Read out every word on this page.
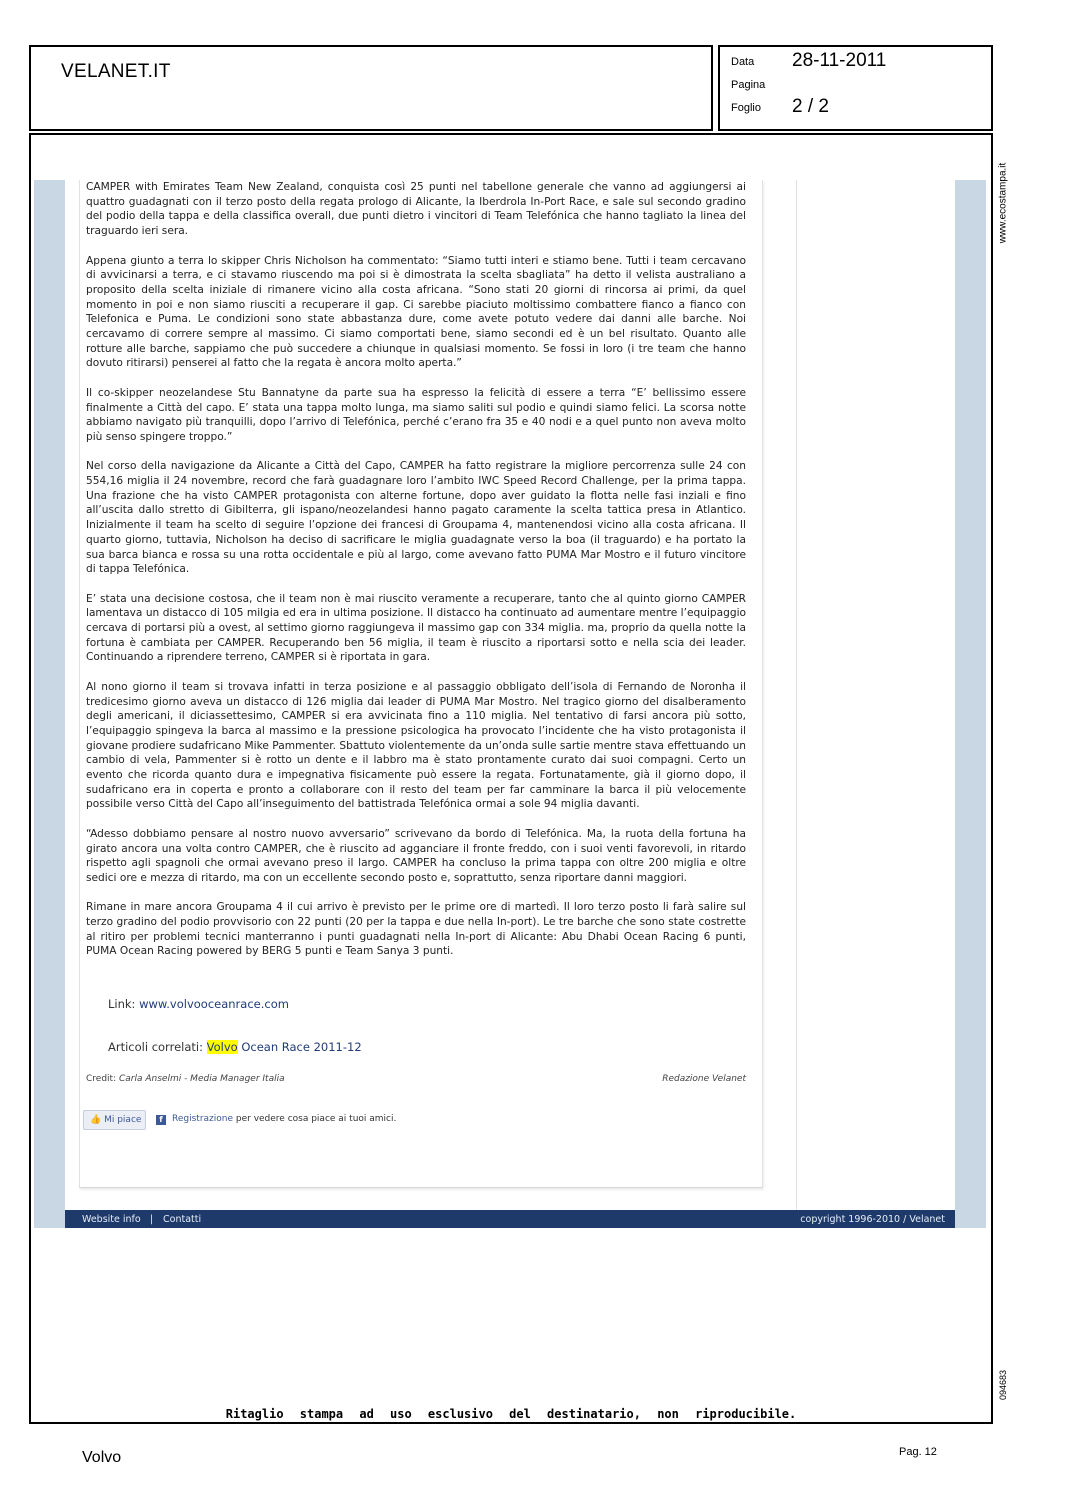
VELANET.IT	Data 28-11-2011
Pagina
Foglio 2 / 2
www.ecostampa.it
094683

CAMPER with Emirates Team New Zealand, conquista così 25 punti nel tabellone generale che vanno ad aggiungersi ai quattro guadagnati con il terzo posto della regata prologo di Alicante, la Iberdrola In-Port Race, e sale sul secondo gradino del podio della tappa e della classifica overall, due punti dietro i vincitori di Team Telefónica che hanno tagliato la linea del traguardo ieri sera.

Appena giunto a terra lo skipper Chris Nicholson ha commentato: “Siamo tutti interi e stiamo bene. Tutti i team cercavano di avvicinarsi a terra, e ci stavamo riuscendo ma poi si è dimostrata la scelta sbagliata” ha detto il velista australiano a proposito della scelta iniziale di rimanere vicino alla costa africana. “Sono stati 20 giorni di rincorsa ai primi, da quel momento in poi e non siamo riusciti a recuperare il gap. Ci sarebbe piaciuto moltissimo combattere fianco a fianco con Telefonica e Puma. Le condizioni sono state abbastanza dure, come avete potuto vedere dai danni alle barche. Noi cercavamo di correre sempre al massimo. Ci siamo comportati bene, siamo secondi ed è un bel risultato. Quanto alle rotture alle barche, sappiamo che può succedere a chiunque in qualsiasi momento. Se fossi in loro (i tre team che hanno dovuto ritirarsi) penserei al fatto che la regata è ancora molto aperta.”

Il co-skipper neozelandese Stu Bannatyne da parte sua ha espresso la felicità di essere a terra “E’ bellissimo essere finalmente a Città del capo. E’ stata una tappa molto lunga, ma siamo saliti sul podio e quindi siamo felici. La scorsa notte abbiamo navigato più tranquilli, dopo l’arrivo di Telefónica, perché c’erano fra 35 e 40 nodi e a quel punto non aveva molto più senso spingere troppo.”

Nel corso della navigazione da Alicante a Città del Capo, CAMPER ha fatto registrare la migliore percorrenza sulle 24 con 554,16 miglia il 24 novembre, record che farà guadagnare loro l’ambito IWC Speed Record Challenge, per la prima tappa. Una frazione che ha visto CAMPER protagonista con alterne fortune, dopo aver guidato la flotta nelle fasi inziali e fino all’uscita dallo stretto di Gibilterra, gli ispano/neozelandesi hanno pagato caramente la scelta tattica presa in Atlantico. Inizialmente il team ha scelto di seguire l’opzione dei francesi di Groupama 4, mantenendosi vicino alla costa africana. Il quarto giorno, tuttavia, Nicholson ha deciso di sacrificare le miglia guadagnate verso la boa (il traguardo) e ha portato la sua barca bianca e rossa su una rotta occidentale e più al largo, come avevano fatto PUMA Mar Mostro e il futuro vincitore di tappa Telefónica.

E’ stata una decisione costosa, che il team non è mai riuscito veramente a recuperare, tanto che al quinto giorno CAMPER lamentava un distacco di 105 milgia ed era in ultima posizione. Il distacco ha continuato ad aumentare mentre l’equipaggio cercava di portarsi più a ovest, al settimo giorno raggiungeva il massimo gap con 334 miglia. ma, proprio da quella notte la fortuna è cambiata per CAMPER. Recuperando ben 56 miglia, il team è riuscito a riportarsi sotto e nella scia dei leader. Continuando a riprendere terreno, CAMPER si è riportata in gara.

Al nono giorno il team si trovava infatti in terza posizione e al passaggio obbligato dell’isola di Fernando de Noronha il tredicesimo giorno aveva un distacco di 126 miglia dai leader di PUMA Mar Mostro. Nel tragico giorno del disalberamento degli americani, il diciassettesimo, CAMPER si era avvicinata fino a 110 miglia. Nel tentativo di farsi ancora più sotto, l’equipaggio spingeva la barca al massimo e la pressione psicologica ha provocato l’incidente che ha visto protagonista il giovane prodiere sudafricano Mike Pammenter. Sbattuto violentemente da un’onda sulle sartie mentre stava effettuando un cambio di vela, Pammenter si è rotto un dente e il labbro ma è stato prontamente curato dai suoi compagni. Certo un evento che ricorda quanto dura e impegnativa fisicamente può essere la regata. Fortunatamente, già il giorno dopo, il sudafricano era in coperta e pronto a collaborare con il resto del team per far camminare la barca il più velocemente possibile verso Città del Capo all’inseguimento del battistrada Telefónica ormai a sole 94 miglia davanti.

“Adesso dobbiamo pensare al nostro nuovo avversario” scrivevano da bordo di Telefónica. Ma, la ruota della fortuna ha girato ancora una volta contro CAMPER, che è riuscito ad agganciare il fronte freddo, con i suoi venti favorevoli, in ritardo rispetto agli spagnoli che ormai avevano preso il largo. CAMPER ha concluso la prima tappa con oltre 200 miglia e oltre sedici ore e mezza di ritardo, ma con un eccellente secondo posto e, soprattutto, senza riportare danni maggiori.

Rimane in mare ancora Groupama 4 il cui arrivo è previsto per le prime ore di martedì. Il loro terzo posto li farà salire sul terzo gradino del podio provvisorio con 22 punti (20 per la tappa e due nella In-port). Le tre barche che sono state costrette al ritiro per problemi tecnici manterranno i punti guadagnati nella In-port di Alicante: Abu Dhabi Ocean Racing 6 punti, PUMA Ocean Racing powered by BERG 5 punti e Team Sanya 3 punti.

Link: www.volvooceanrace.com
Articoli correlati: Volvo Ocean Race 2011-12
Credit: Carla Anselmi - Media Manager Italia	Redazione Velanet
👍 Mi piace	f	Registrazione per vedere cosa piace ai tuoi amici.
Website info | Contatti	copyright 1996-2010 / Velanet
Ritaglio stampa ad uso esclusivo del destinatario, non riproducibile.
Volvo	Pag. 12
